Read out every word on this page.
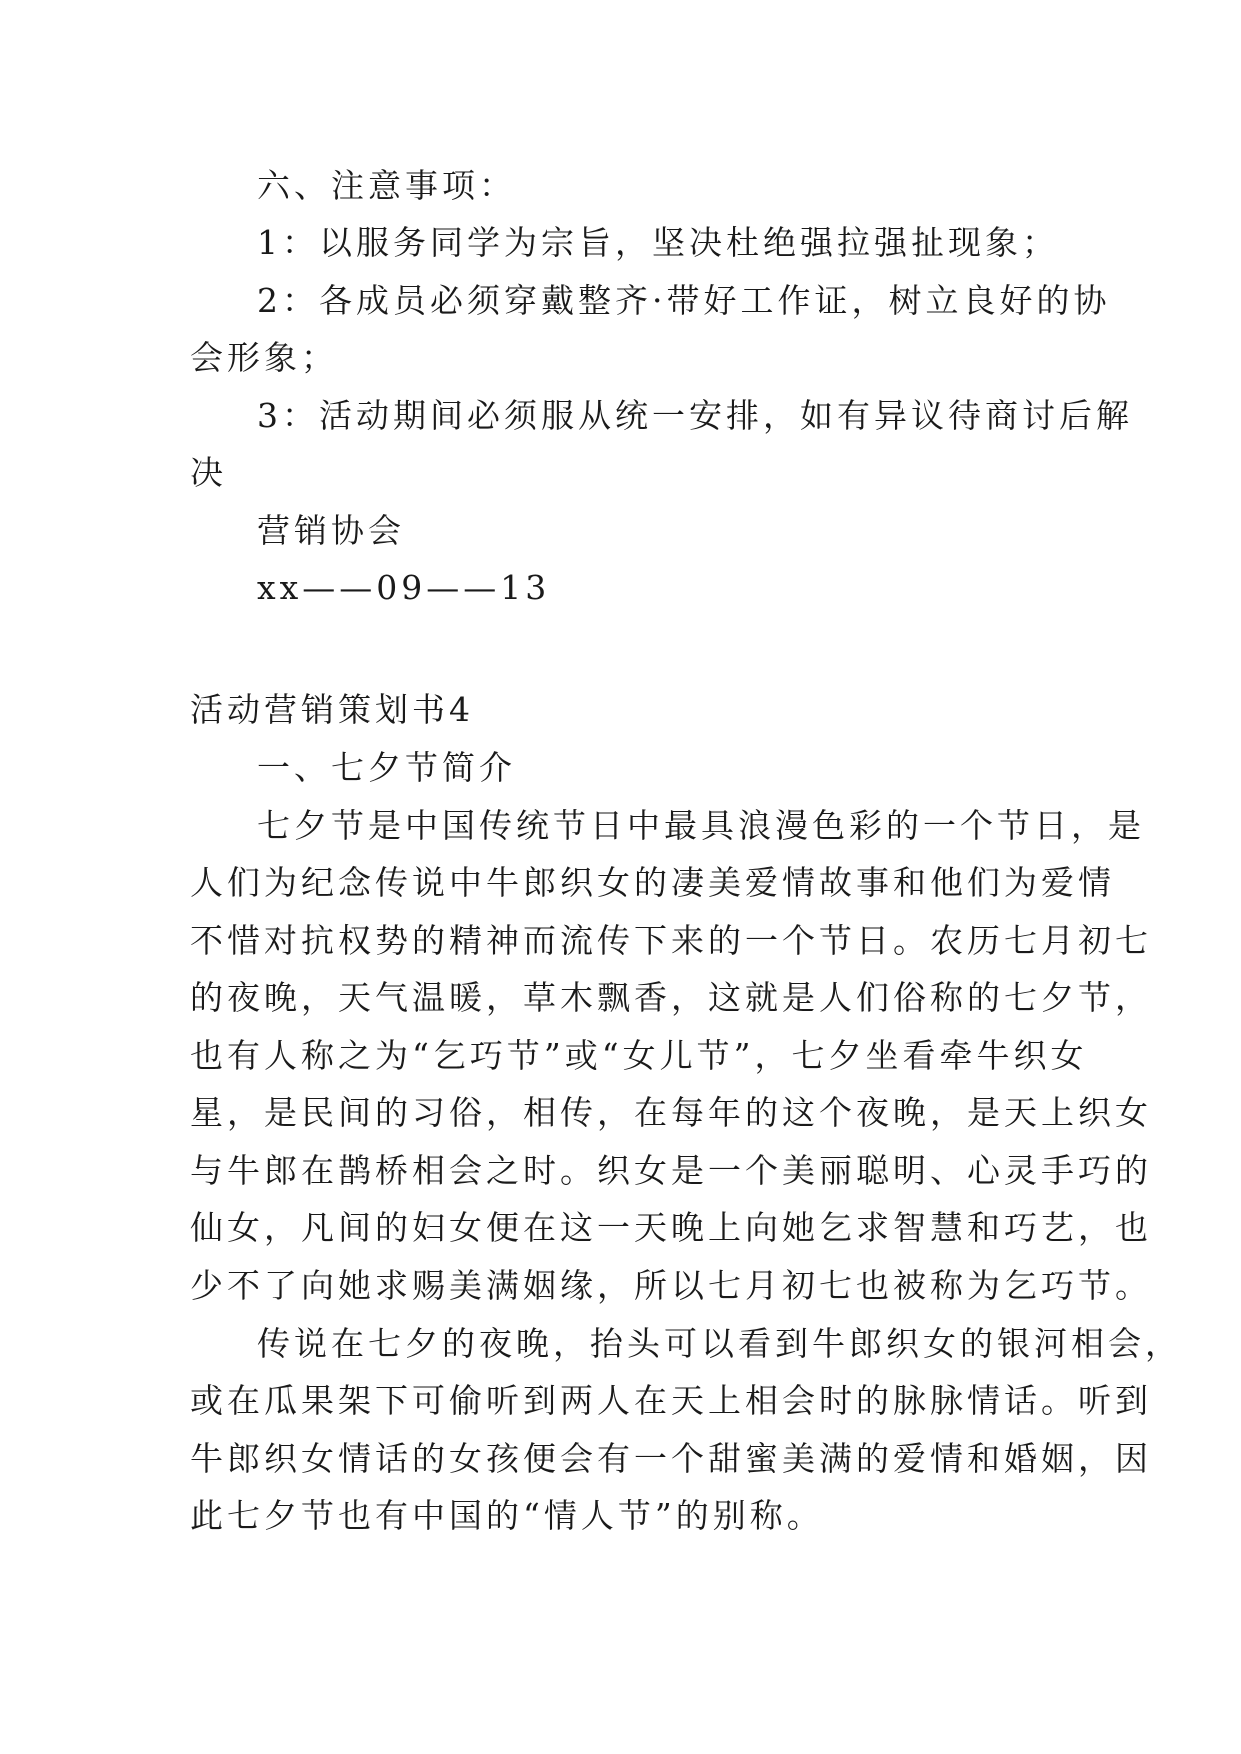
六、注意事项：
1：以服务同学为宗旨，坚决杜绝强拉强扯现象；
2：各成员必须穿戴整齐·带好工作证，树立良好的协
会形象；
3：活动期间必须服从统一安排，如有异议待商讨后解
决
营销协会
xx——09——13
活动营销策划书4
一、七夕节简介
七夕节是中国传统节日中最具浪漫色彩的一个节日，是
人们为纪念传说中牛郎织女的凄美爱情故事和他们为爱情
不惜对抗权势的精神而流传下来的一个节日。农历七月初七
的夜晚，天气温暖，草木飘香，这就是人们俗称的七夕节，
也有人称之为“乞巧节”或“女儿节”，七夕坐看牵牛织女
星，是民间的习俗，相传，在每年的这个夜晚，是天上织女
与牛郎在鹊桥相会之时。织女是一个美丽聪明、心灵手巧的
仙女，凡间的妇女便在这一天晚上向她乞求智慧和巧艺，也
少不了向她求赐美满姻缘，所以七月初七也被称为乞巧节。
传说在七夕的夜晚，抬头可以看到牛郎织女的银河相会，
或在瓜果架下可偷听到两人在天上相会时的脉脉情话。听到
牛郎织女情话的女孩便会有一个甜蜜美满的爱情和婚姻，因
此七夕节也有中国的“情人节”的别称。
